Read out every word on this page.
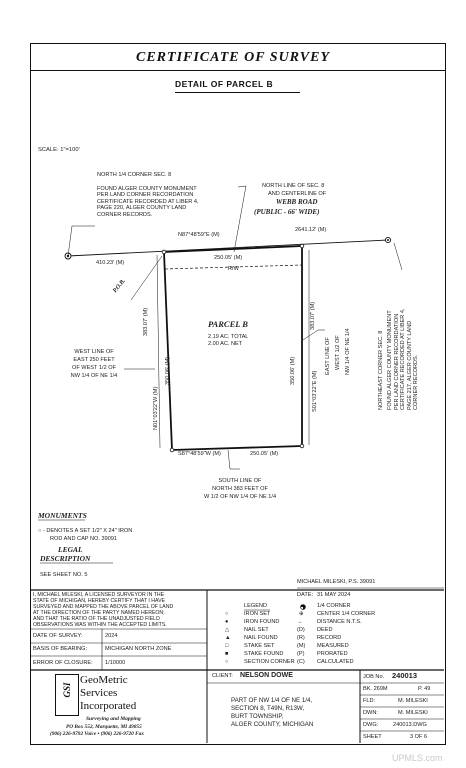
CERTIFICATE OF SURVEY
DETAIL OF PARCEL B
SCALE: 1"=100'
NORTH 1/4 CORNER SEC. 8
FOUND ALGER COUNTY MONUMENT
PER LAND CORNER RECORDATION
CERTIFICATE RECORDED AT LIBER 4,
PAGE 220, ALGER COUNTY LAND
CORNER RECORDS.
NORTH LINE OF SEC. 8
AND CENTERLINE OF
WEBB ROAD
(PUBLIC - 66' WIDE)
N87°48'59"E (M)
2641.12' (M)
410.23' (M)
P.O.B.
250.05' (M)
R/W
383.07' (M)
350.06' (M)
N01°03'22"W (M)
383.07' (M)
350.06' (M)	S01°03'22"E (M)
S87°48'59"W (M)	250.05' (M)
PARCEL B
2.19 AC. TOTAL
2.00 AC. NET
WEST LINE OF
EAST 250 FEET
OF WEST 1/2 OF
NW 1/4 OF NE 1/4
EAST LINE OF WEST 1/2 OF NW 1/4 OF NE 1/4	NORTHEAST CORNER SEC. 8 FOUND ALGER COUNTY MONUMENT PER LAND CORNER RECORDATION CERTIFICATE RECORDED AT LIBER 4, PAGE 217, ALGER COUNTY LAND CORNER RECORDS.
SOUTH LINE OF
NORTH 383 FEET OF
W 1/2 OF NW 1/4 OF NE 1/4
MONUMENTS
○ - DENOTES A SET 1/2" X 24" IRON
ROD AND CAP NO. 39091
LEGAL
DESCRIPTION
SEE SHEET NO. 5
MICHAEL MILESKI, P.S. 39091
DATE: 31 MAY 2024
I, MICHAEL MILESKI, A LICENSED SURVEYOR IN THE
STATE OF MICHIGAN, HEREBY CERTIFY THAT I HAVE
SURVEYED AND MAPPED THE ABOVE PARCEL OF LAND
AT THE DIRECTION OF THE PARTY NAMED HEREON;
AND THAT THE RATIO OF THE UNADJUSTED FIELD
OBSERVATIONS WAS WITHIN THE ACCEPTED LIMITS.
DATE OF SURVEY:	2024
BASIS OF BEARING:	MICHIGAN NORTH ZONE
ERROR OF CLOSURE: 1/10000
LEGEND
○	IRON SET
●	IRON FOUND
△	NAIL SET
▲ NAIL FOUND
□	STAKE SET
■	STAKE FOUND
○	SECTION CORNER
1/4 CORNER
⊕ CENTER 1/4 CORNER
→	DISTANCE N.T.S.
(D) DEED
(R) RECORD
(M) MEASURED
(P) PRORATED
(C) CALCULATED
GSI
GeoMetric
Services
Incorporated
Surveying and Mapping
PO Box 552, Marquette, MI 49855
(906) 226-9792 Voice • (906) 226-9720 Fax
CLIENT: NELSON DOWE
PART OF NW 1/4 OF NE 1/4,
SECTION 8, T49N, R13W,
BURT TOWNSHIP,
ALGER COUNTY, MICHIGAN
JOB No. 240013
BK. 269M	P. 49
FLD:	M. MILESKI
DWN:	M. MILESKI
DWG:	240013.DWG
SHEET	3 OF 6
UPMLS.com
